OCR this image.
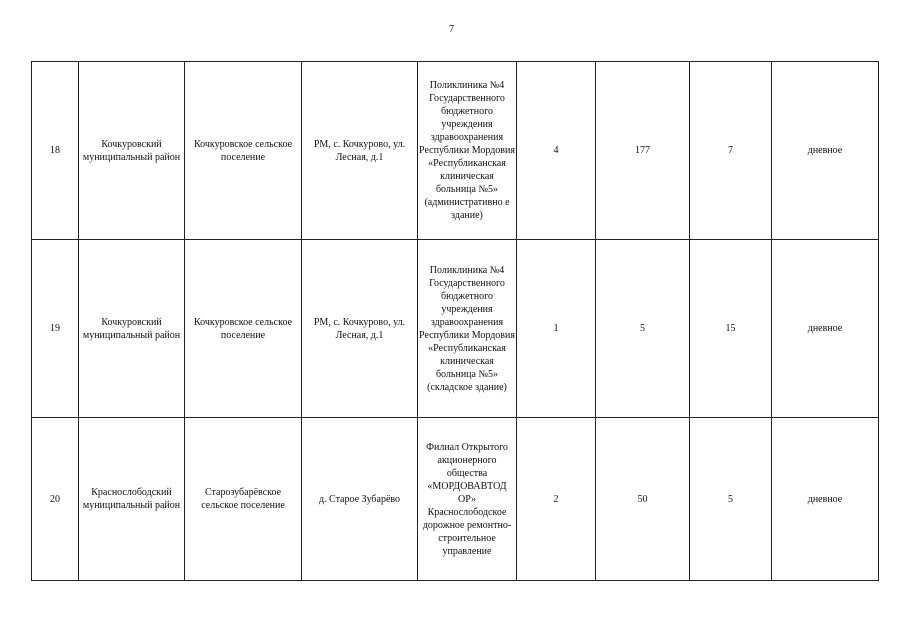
7
18	Кочкуровский муниципальный район	Кочкуровское сельское поселение	РМ, с. Кочкурово, ул. Лесная, д.1	Поликлиника №4 Государственного бюджетного учреждения здравоохранения Республики Мордовия «Республиканская клиническая больница №5» (административно е здание)	4	177	7	дневное
19	Кочкуровский муниципальный район	Кочкуровское сельское поселение	РМ, с. Кочкурово, ул. Лесная, д.1	Поликлиника №4 Государственного бюджетного учреждения здравоохранения Республики Мордовия «Республиканская клиническая больница №5» (складское здание)	1	5	15	дневное
20	Краснослободский муниципальный район	Старозубарёвское сельское поселение	д. Старое Зубарёво	Филиал Открытого акционерного общества «МОРДОВАВТОД ОР» Краснослободское дорожное ремонтно- строительное управление	2	50	5	дневное
